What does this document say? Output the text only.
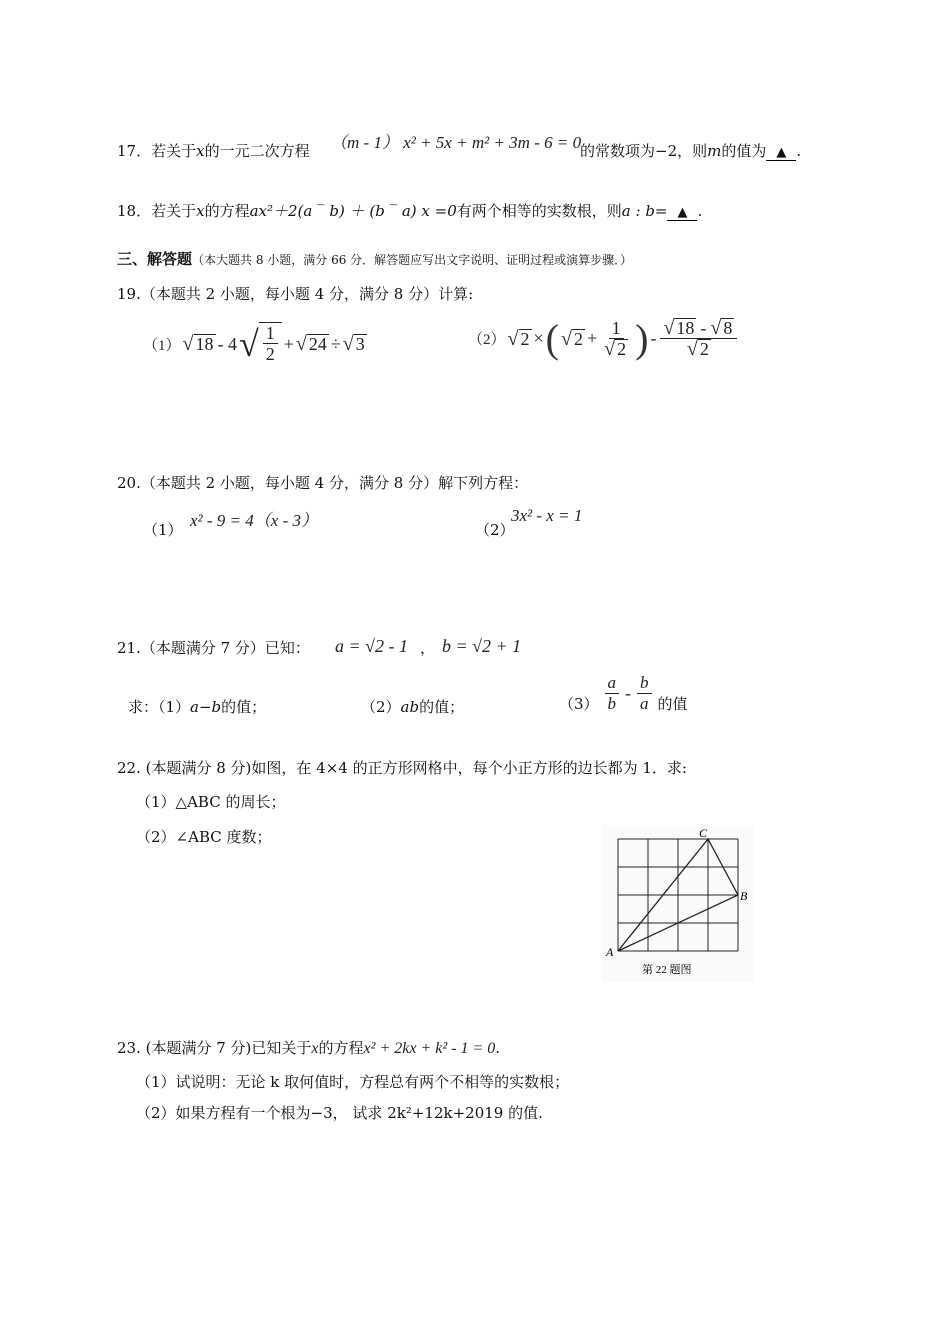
17．若关于x的一元二次方程 （m - 1） x² + 5x + m² + 3m - 6 = 0
的常数项为−2，则m的值为 ▲ .
18．若关于x的方程ax²＋2(a ‾ b) ＋ (b ‾ a) x =0有两个相等的实数根，则a : b= ▲ .
三、解答题（本大题共 8 小题，满分 66 分．解答题应写出文字说明、证明过程或演算步骤．）
19.（本题共 2 小题，每小题 4 分，满分 8 分）计算:
（1） √ 18 - 4 √ $\frac{1}{2}$ + √ 24 ÷ √ 3	（2） √ 2 × ( √ $2 + \frac{1}{√ 2}$ ) - $\frac{√ 18 - √ 8}{√ 2}$
20.（本题共 2 小题，每小题 4 分，满分 8 分）解下列方程：
（1） x² - 9 = 4（x - 3）	（2）
3x² - x = 1
21.（本题满分 7 分）已知： a = √2 - 1 ， b = √2 + 1
求：（1）a−b的值；	（2）ab的值；	$(3) \frac{a}{b} - \frac{b}{a}$ 的值
22. (本题满分 8 分)如图，在 4×4 的正方形网格中，每个小正方形的边长都为 1．求:
（1）△ABC 的周长；
（2）∠ABC 度数；
A
B
C
第 22 题图
23. (本题满分 7 分)已知关于x的方程x² + 2kx + k² - 1 = 0.
（1）试说明：无论 k 取何值时，方程总有两个不相等的实数根；
（2）如果方程有一个根为−3， 试求 2k²+12k+2019 的值.
